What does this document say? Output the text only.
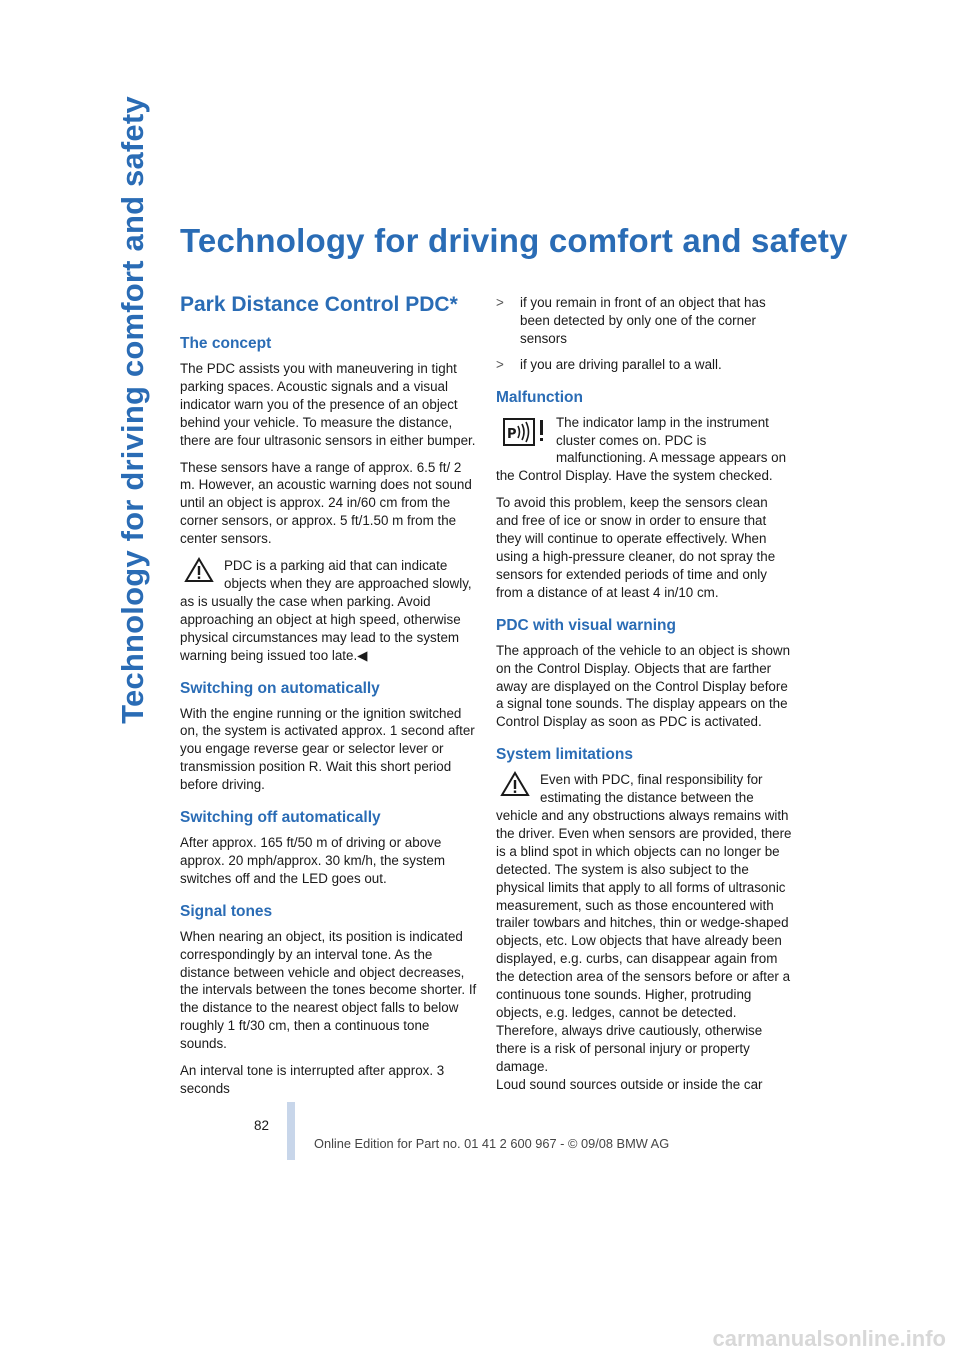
Technology for driving comfort and safety Technology for driving comfort and safety
Park Distance Control PDC*
The concept

The PDC assists you with maneuvering in tight parking spaces. Acoustic signals and a visual indicator warn you of the presence of an object behind your vehicle. To measure the distance, there are four ultrasonic sensors in either bumper.

These sensors have a range of approx. 6.5 ft/ 2 m. However, an acoustic warning does not sound until an object is approx. 24 in/60 cm from the corner sensors, or approx. 5 ft/1.50 m from the center sensors.

PDC is a parking aid that can indicate objects when they are approached slowly, as is usually the case when parking. Avoid approaching an object at high speed, otherwise physical circumstances may lead to the system warning being issued too late.◀
Switching on automatically

With the engine running or the ignition switched on, the system is activated approx. 1 second after you engage reverse gear or selector lever or transmission position R. Wait this short period before driving.

Switching off automatically

After approx. 165 ft/50 m of driving or above approx. 20 mph/approx. 30 km/h, the system switches off and the LED goes out.

Signal tones

When nearing an object, its position is indicated correspondingly by an interval tone. As the distance between vehicle and object decreases, the intervals between the tones become shorter. If the distance to the nearest object falls to below roughly 1 ft/30 cm, then a continuous tone sounds.

An interval tone is interrupted after approx. 3 seconds

>	if you remain in front of an object that has been detected by only one of the corner sensors
>	if you are driving parallel to a wall.
Malfunction
P
The indicator lamp in the instrument cluster comes on. PDC is malfunctioning. A message appears on the Control Display. Have the system checked.

To avoid this problem, keep the sensors clean and free of ice or snow in order to ensure that they will continue to operate effectively. When using a high-pressure cleaner, do not spray the sensors for extended periods of time and only from a distance of at least 4 in/10 cm.

PDC with visual warning

The approach of the vehicle to an object is shown on the Control Display. Objects that are farther away are displayed on the Control Display before a signal tone sounds. The display appears on the Control Display as soon as PDC is activated.

System limitations
Even with PDC, final responsibility for estimating the distance between the vehicle and any obstructions always remains with the driver. Even when sensors are provided, there is a blind spot in which objects can no longer be detected. The system is also subject to the physical limits that apply to all forms of ultrasonic measurement, such as those encountered with trailer towbars and hitches, thin or wedge-shaped objects, etc. Low objects that have already been displayed, e.g. curbs, can disappear again from the detection area of the sensors before or after a continuous tone sounds. Higher, protruding objects, e.g. ledges, cannot be detected. Therefore, always drive cautiously, otherwise there is a risk of personal injury or property damage.

Loud sound sources outside or inside the car

82
Online Edition for Part no. 01 41 2 600 967 - © 09/08 BMW AG
carmanualsonline.info
